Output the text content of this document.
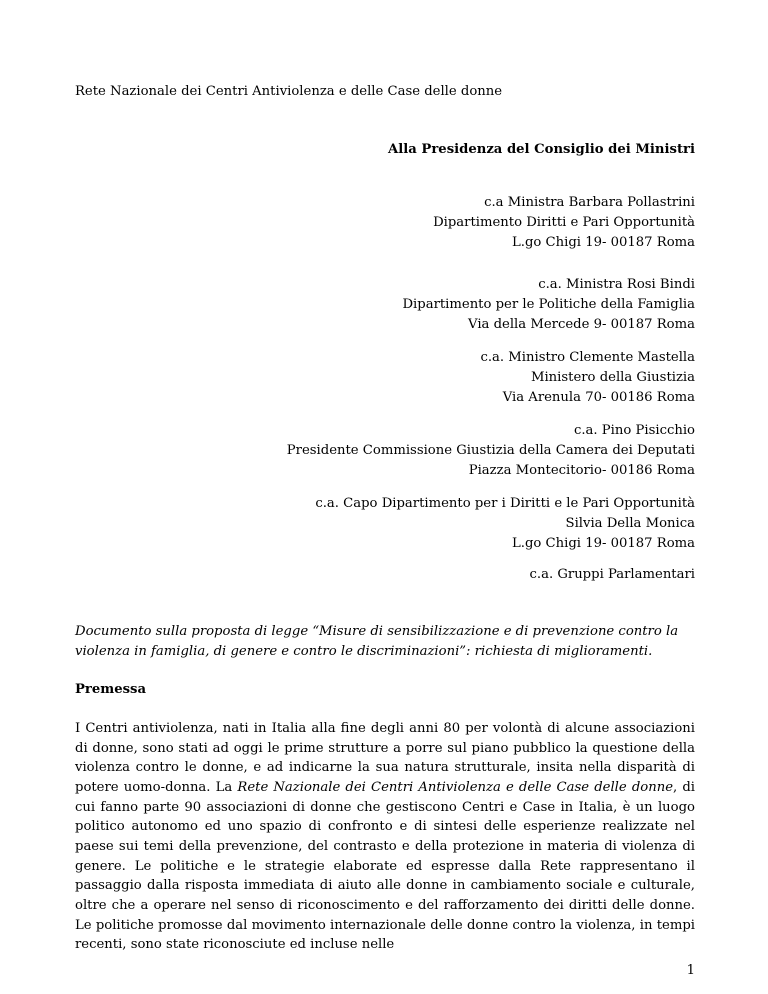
Rete Nazionale dei Centri Antiviolenza e delle Case delle donne
Alla Presidenza del Consiglio dei Ministri
c.a Ministra Barbara Pollastrini
Dipartimento Diritti e Pari Opportunità
L.go Chigi 19- 00187 Roma
c.a. Ministra Rosi Bindi
Dipartimento per le Politiche della Famiglia
Via della Mercede 9- 00187 Roma
c.a. Ministro Clemente Mastella
Ministero della Giustizia
Via Arenula 70- 00186 Roma
c.a. Pino Pisicchio
Presidente Commissione Giustizia della Camera dei Deputati
Piazza Montecitorio- 00186 Roma
c.a. Capo Dipartimento per i Diritti e le Pari Opportunità
Silvia Della Monica
L.go Chigi 19- 00187 Roma
c.a. Gruppi Parlamentari
Documento sulla proposta di legge “Misure di sensibilizzazione e di prevenzione contro la violenza in famiglia, di genere e contro le discriminazioni”: richiesta di miglioramenti.
Premessa
I Centri antiviolenza, nati in Italia alla fine degli anni 80 per volontà di alcune associazioni di donne, sono stati ad oggi le prime strutture a porre sul piano pubblico la questione della violenza contro le donne, e ad indicarne la sua natura strutturale, insita nella disparità di potere uomo-donna. La Rete Nazionale dei Centri Antiviolenza e delle Case delle donne, di cui fanno parte 90 associazioni di donne che gestiscono Centri e Case in Italia, è un luogo politico autonomo ed uno spazio di confronto e di sintesi delle esperienze realizzate nel paese sui temi della prevenzione, del contrasto e della protezione in materia di violenza di genere. Le politiche e le strategie elaborate ed espresse dalla Rete rappresentano il passaggio dalla risposta immediata di aiuto alle donne in cambiamento sociale e culturale, oltre che a operare nel senso di riconoscimento e del rafforzamento dei diritti delle donne. Le politiche promosse dal movimento internazionale delle donne contro la violenza, in tempi recenti, sono state riconosciute ed incluse nelle
1
